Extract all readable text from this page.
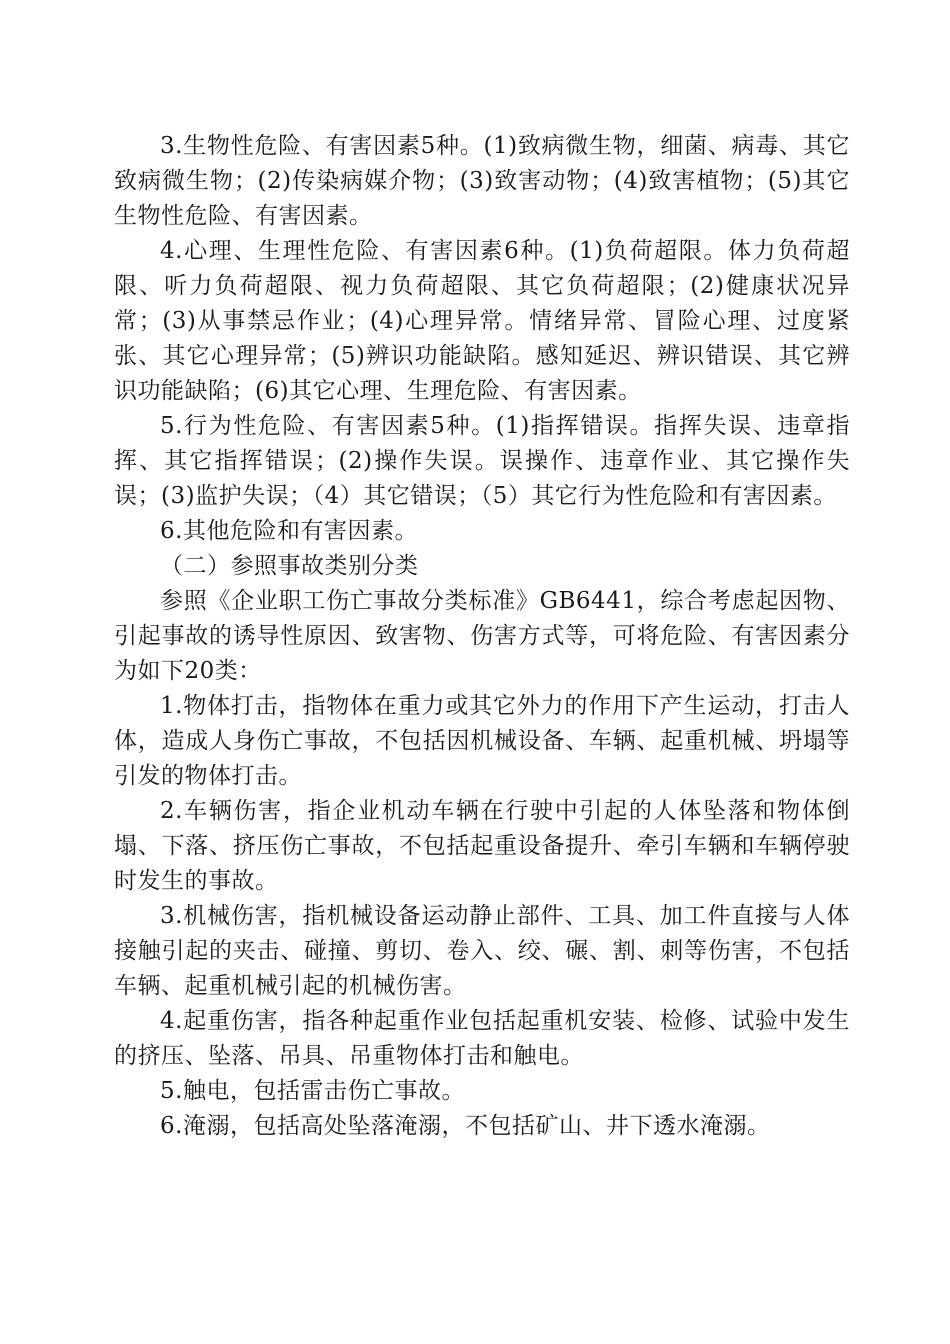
3.生物性危险、有害因素5种。(1)致病微生物，细菌、病毒、其它致病微生物；(2)传染病媒介物；(3)致害动物；(4)致害植物；(5)其它生物性危险、有害因素。

4.心理、生理性危险、有害因素6种。(1)负荷超限。体力负荷超限、听力负荷超限、视力负荷超限、其它负荷超限；(2)健康状况异常；(3)从事禁忌作业；(4)心理异常。情绪异常、冒险心理、过度紧张、其它心理异常；(5)辨识功能缺陷。感知延迟、辨识错误、其它辨识功能缺陷；(6)其它心理、生理危险、有害因素。

5.行为性危险、有害因素5种。(1)指挥错误。指挥失误、违章指挥、其它指挥错误；(2)操作失误。误操作、违章作业、其它操作失误；(3)监护失误；（4）其它错误；（5）其它行为性危险和有害因素。

6.其他危险和有害因素。

（二）参照事故类别分类

参照《企业职工伤亡事故分类标准》GB6441，综合考虑起因物、引起事故的诱导性原因、致害物、伤害方式等，可将危险、有害因素分为如下20类：

1.物体打击，指物体在重力或其它外力的作用下产生运动，打击人体，造成人身伤亡事故，不包括因机械设备、车辆、起重机械、坍塌等引发的物体打击。

2.车辆伤害，指企业机动车辆在行驶中引起的人体坠落和物体倒塌、下落、挤压伤亡事故，不包括起重设备提升、牵引车辆和车辆停驶时发生的事故。

3.机械伤害，指机械设备运动静止部件、工具、加工件直接与人体接触引起的夹击、碰撞、剪切、卷入、绞、碾、割、刺等伤害，不包括车辆、起重机械引起的机械伤害。

4.起重伤害，指各种起重作业包括起重机安装、检修、试验中发生的挤压、坠落、吊具、吊重物体打击和触电。

5.触电，包括雷击伤亡事故。

6.淹溺，包括高处坠落淹溺，不包括矿山、井下透水淹溺。
